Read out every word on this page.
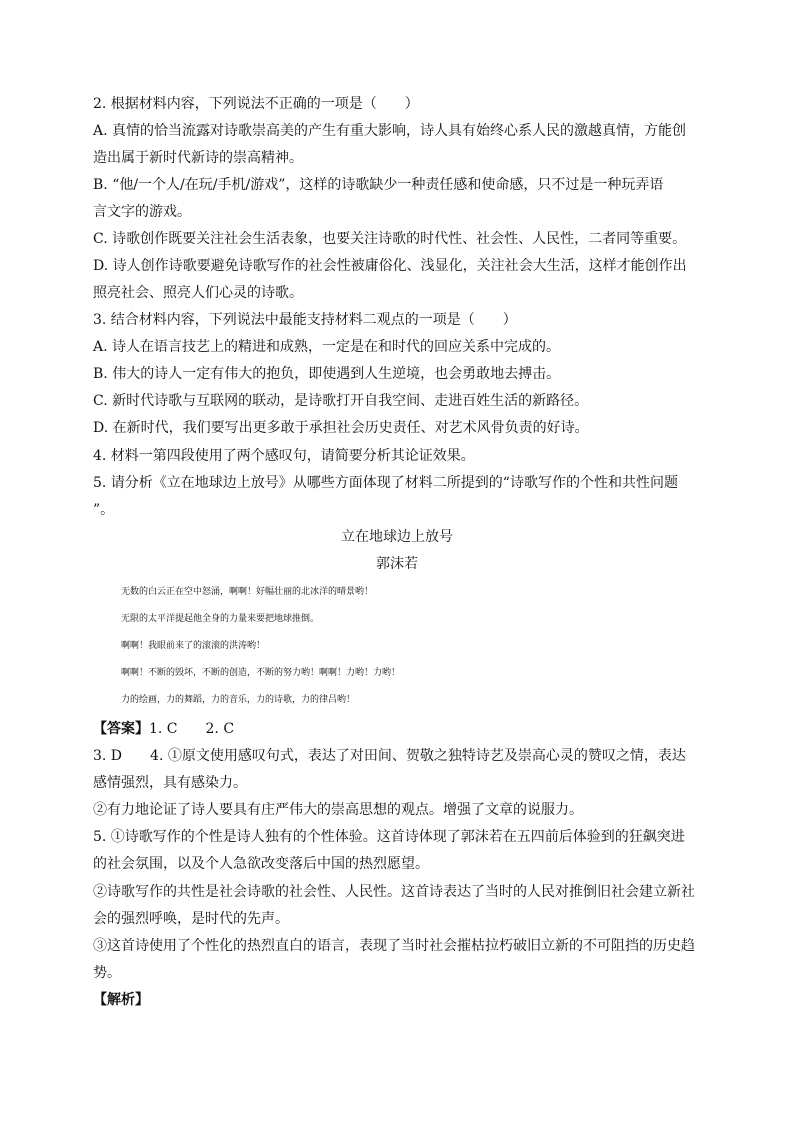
2. 根据材料内容，下列说法不正确的一项是（　　）
A. 真情的恰当流露对诗歌崇高美的产生有重大影响，诗人具有始终心系人民的激越真情，方能创
造出属于新时代新诗的崇高精神。
B. “他/一个人/在玩/手机/游戏”，这样的诗歌缺少一种责任感和使命感，只不过是一种玩弄语
言文字的游戏。
C. 诗歌创作既要关注社会生活表象，也要关注诗歌的时代性、社会性、人民性，二者同等重要。
D. 诗人创作诗歌要避免诗歌写作的社会性被庸俗化、浅显化，关注社会大生活，这样才能创作出
照亮社会、照亮人们心灵的诗歌。
3. 结合材料内容，下列说法中最能支持材料二观点的一项是（　　）
A. 诗人在语言技艺上的精进和成熟，一定是在和时代的回应关系中完成的。
B. 伟大的诗人一定有伟大的抱负，即使遇到人生逆境，也会勇敢地去搏击。
C. 新时代诗歌与互联网的联动，是诗歌打开自我空间、走进百姓生活的新路径。
D. 在新时代，我们要写出更多敢于承担社会历史责任、对艺术风骨负责的好诗。
4. 材料一第四段使用了两个感叹句，请简要分析其论证效果。
5. 请分析《立在地球边上放号》从哪些方面体现了材料二所提到的“诗歌写作的个性和共性问题
”。
立在地球边上放号
郭沫若
无数的白云正在空中怒涌，啊啊！好幅壮丽的北冰洋的晴景哟！
无限的太平洋提起他全身的力量来要把地球推倒。
啊啊！我眼前来了的滚滚的洪涛哟！
啊啊！不断的毁坏，不断的创造，不断的努力哟！啊啊！力哟！力哟！
力的绘画，力的舞蹈，力的音乐，力的诗歌，力的律吕哟！
【答案】1. C　　2. C
3. D　　4. ①原文使用感叹句式，表达了对田间、贺敬之独特诗艺及崇高心灵的赞叹之情，表达
感情强烈，具有感染力。
②有力地论证了诗人要具有庄严伟大的崇高思想的观点。增强了文章的说服力。
5. ①诗歌写作的个性是诗人独有的个性体验。这首诗体现了郭沫若在五四前后体验到的狂飙突进
的社会氛围，以及个人急欲改变落后中国的热烈愿望。
②诗歌写作的共性是社会诗歌的社会性、人民性。这首诗表达了当时的人民对推倒旧社会建立新社
会的强烈呼唤，是时代的先声。
③这首诗使用了个性化的热烈直白的语言，表现了当时社会摧枯拉朽破旧立新的不可阻挡的历史趋
势。
【解析】
